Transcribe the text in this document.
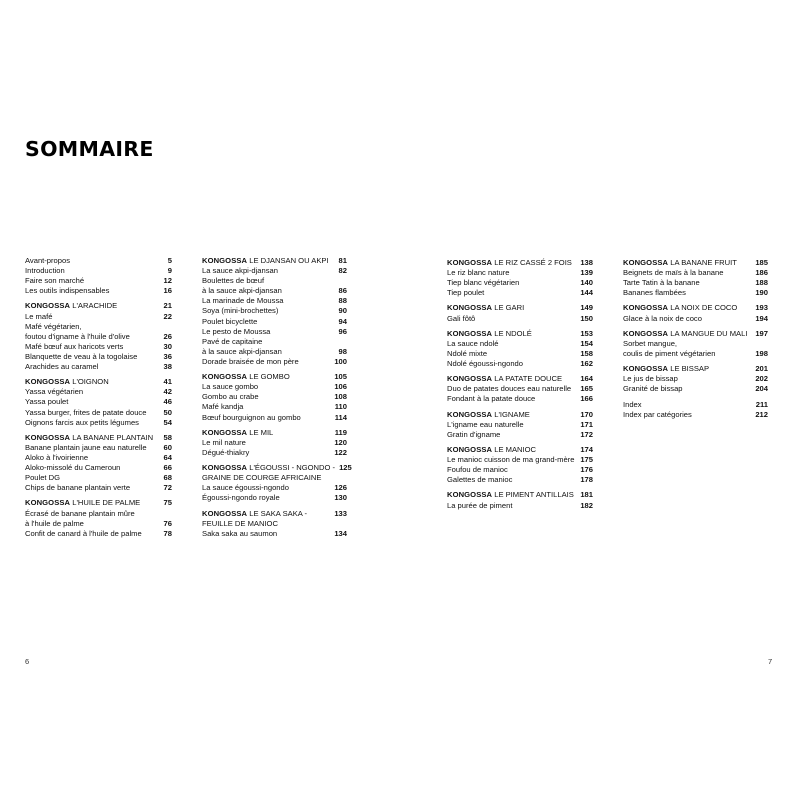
SOMMAIRE
Avant-propos	5
Introduction	9
Faire son marché	12
Les outils indispensables	16
KONGOSSA L'ARACHIDE	21
Le mafé	22
Mafé végétarien,
foutou d'igname à l'huile d'olive	26
Mafé bœuf aux haricots verts	30
Blanquette de veau à la togolaise	36
Arachides au caramel	38
KONGOSSA L'OIGNON	41
Yassa végétarien	42
Yassa poulet	46
Yassa burger, frites de patate douce	50
Oignons farcis aux petits légumes	54
KONGOSSA LA BANANE PLANTAIN	58
Banane plantain jaune eau naturelle	60
Aloko à l'ivoirienne	64
Aloko-missolé du Cameroun	66
Poulet DG	68
Chips de banane plantain verte	72
KONGOSSA L'HUILE DE PALME	75
Écrasé de banane plantain mûre
à l'huile de palme	76
Confit de canard à l'huile de palme	78
KONGOSSA LE DJANSAN OU AKPI	81
La sauce akpi-djansan	82
Boulettes de bœuf
à la sauce akpi-djansan	86
La marinade de Moussa	88
Soya (mini-brochettes)	90
Poulet bicyclette	94
Le pesto de Moussa	96
Pavé de capitaine
à la sauce akpi-djansan	98
Dorade braisée de mon père	100
KONGOSSA LE GOMBO	105
La sauce gombo	106
Gombo au crabe	108
Mafé kandja	110
Bœuf bourguignon au gombo	114
KONGOSSA LE MIL	119
Le mil nature	120
Dégué-thiakry	122
KONGOSSA L'ÉGOUSSI - NGONDO - 125
GRAINE DE COURGE AFRICAINE
La sauce égoussi-ngondo	126
Égoussi-ngondo royale	130
KONGOSSA LE SAKA SAKA -	133
FEUILLE DE MANIOC
Saka saka au saumon	134
KONGOSSA LE RIZ CASSÉ 2 FOIS	138
Le riz blanc nature	139
Tiep blanc végétarien	140
Tiep poulet	144
KONGOSSA LE GARI	149
Gali fôtô	150
KONGOSSA LE NDOLÉ	153
La sauce ndolé	154
Ndolé mixte	158
Ndolé égoussi-ngondo	162
KONGOSSA LA PATATE DOUCE	164
Duo de patates douces eau naturelle	165
Fondant à la patate douce	166
KONGOSSA L'IGNAME	170
L'igname eau naturelle	171
Gratin d'igname	172
KONGOSSA LE MANIOC	174
Le manioc cuisson de ma grand-mère 175
Foufou de manioc	176
Galettes de manioc	178
KONGOSSA LE PIMENT ANTILLAIS 181
La purée de piment	182
KONGOSSA LA BANANE FRUIT	185
Beignets de maïs à la banane	186
Tarte Tatin à la banane	188
Bananes flambées	190
KONGOSSA LA NOIX DE COCO	193
Glace à la noix de coco	194
KONGOSSA LA MANGUE DU MALI	197
Sorbet mangue,
coulis de piment végétarien	198
KONGOSSA LE BISSAP	201
Le jus de bissap	202
Granité de bissap	204
Index	211
Index par catégories	212
6	7
